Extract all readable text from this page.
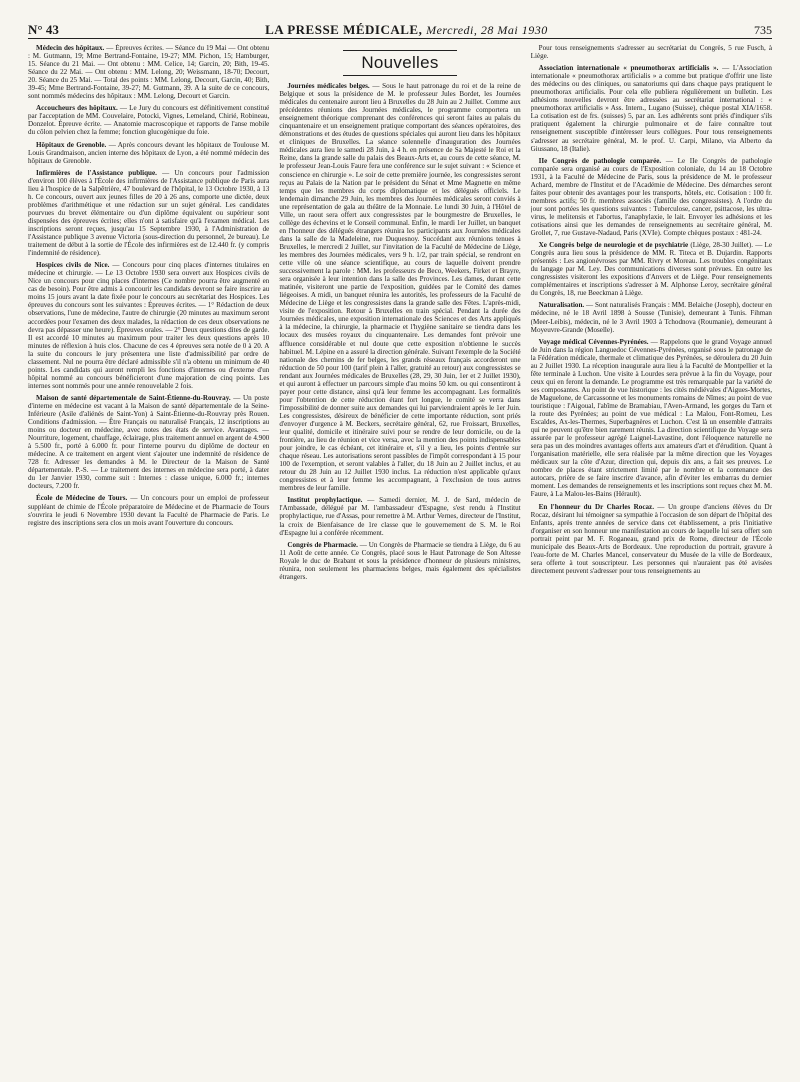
N° 43	LA PRESSE MÉDICALE, Mercredi, 28 Mai 1930	735

Médecin des hôpitaux. — Épreuves écrites. — Séance du 19 Mai — Ont obtenu : M. Gutmann, 19; Mme Bertrand-Fontaine, 19-27; MM. Pichon, 15; Hamburger, 15. Séance du 21 Mai. — Ont obtenu : MM. Celice, 14; Garcin, 20; Bith, 19-45. Séance du 22 Mai. — Ont obtenu : MM. Lelong, 20; Weissmann, 18-70; Decourt, 20. Séance du 25 Mai. — Total des points : MM. Lelong, Decourt, Garcin, 40; Bith, 39-45; Mme Bertrand-Fontaine, 39-27; M. Gutmann, 39. A la suite de ce concours, sont nommés médecins des hôpitaux : MM. Lelong, Decourt et Garcin.

Accoucheurs des hôpitaux. — Le Jury du concours est définitivement constitué par l'acceptation de MM. Couvelaire, Potocki, Vignes, Lemeland, Chirié, Robineau, Donzelot. Épreuve écrite. — Anatomie macroscopique et rapports de l'anse mobile du côlon pelvien chez la femme; fonction glucogénique du foie.

Hôpitaux de Grenoble. — Après concours devant les hôpitaux de Toulouse M. Louis Grandmaison, ancien interne des hôpitaux de Lyon, a été nommé médecin des hôpitaux de Grenoble.

Infirmières de l'Assistance publique. — Un concours pour l'admission d'environ 100 élèves à l'École des infirmières de l'Assistance publique de Paris aura lieu à l'hospice de la Salpêtrière, 47 boulevard de l'hôpital, le 13 Octobre 1930, à 13 h. Ce concours, ouvert aux jeunes filles de 20 à 26 ans, comporte une dictée, deux problèmes d'arithmétique et une rédaction sur un sujet général. Les candidates pourvues du brevet élémentaire ou d'un diplôme équivalent ou supérieur sont dispensées des épreuves écrites; elles n'ont à satisfaire qu'à l'examen médical. Les inscriptions seront reçues, jusqu'au 15 Septembre 1930, à l'Administration de l'Assistance publique 3 avenue Victoria (sous-direction du personnel, 2e bureau). Le traitement de début à la sortie de l'École des infirmières est de 12.440 fr. (y compris l'indemnité de résidence).

Hospices civils de Nice. — Concours pour cinq places d'internes titulaires en médecine et chirurgie. — Le 13 Octobre 1930 sera ouvert aux Hospices civils de Nice un concours pour cinq places d'internes (Ce nombre pourra être augmenté en cas de besoin). Pour être admis à concourir les candidats devront se faire inscrire au moins 15 jours avant la date fixée pour le concours au secrétariat des Hospices. Les épreuves du concours sont les suivantes : Épreuves écrites. — 1° Rédaction de deux observations, l'une de médecine, l'autre de chirurgie (20 minutes au maximum seront accordées pour l'examen des deux malades, la rédaction de ces deux observations ne devra pas dépasser une heure). Épreuves orales. — 2° Deux questions dites de garde. Il est accordé 10 minutes au maximum pour traiter les deux questions après 10 minutes de réflexion à huis clos. Chacune de ces 4 épreuves sera notée de 0 à 20. A la suite du concours le jury présentera une liste d'admissibilité par ordre de classement. Nul ne pourra être déclaré admissible s'il n'a obtenu un minimum de 40 points. Les candidats qui auront rempli les fonctions d'internes ou d'externe d'un hôpital nommé au concours bénéficieront d'une majoration de cinq points. Les internes sont nommés pour une année renouvelable 2 fois.

Maison de santé départementale de Saint-Étienne-du-Rouvray. — Un poste d'interne en médecine est vacant à la Maison de santé départementale de la Seine-Inférieure (Asile d'aliénés de Saint-Yon) à Saint-Étienne-du-Rouvray près Rouen. Conditions d'admission. — Être Français ou naturalisé Français, 12 inscriptions au moins ou docteur en médecine, avec notes des états de service. Avantages. — Nourriture, logement, chauffage, éclairage, plus traitement annuel en argent de 4.900 à 5.500 fr., porté à 6.000 fr. pour l'interne pourvu du diplôme de docteur en médecine. A ce traitement en argent vient s'ajouter une indemnité de résidence de 728 fr. Adresser les demandes à M. le Directeur de la Maison de Santé départementale. P.-S. — Le traitement des internes en médecine sera porté, à dater du 1er Janvier 1930, comme suit : Internes : classe unique, 6.000 fr.; internes docteurs, 7.200 fr.

École de Médecine de Tours. — Un concours pour un emploi de professeur suppléant de chimie de l'École préparatoire de Médecine et de Pharmacie de Tours s'ouvrira le jeudi 6 Novembre 1930 devant la Faculté de Pharmacie de Paris. Le registre des inscriptions sera clos un mois avant l'ouverture du concours.

Nouvelles

Journées médicales belges. — Sous le haut patronage du roi et de la reine de Belgique et sous la présidence de M. le professeur Jules Bordet, les Journées médicales du centenaire auront lieu à Bruxelles du 28 Juin au 2 Juillet. Comme aux précédentes réunions des Journées médicales, le programme comportera un enseignement théorique comprenant des conférences qui seront faites au palais du cinquantenaire et un enseignement pratique comportant des séances opératoires, des démonstrations et des études de questions spéciales qui auront lieu dans les hôpitaux et cliniques de Bruxelles. La séance solennelle d'inauguration des Journées médicales aura lieu le samedi 28 Juin, à 4 h. en présence de Sa Majesté le Roi et la Reine, dans la grande salle du palais des Beaux-Arts et, au cours de cette séance, M. le professeur Jean-Louis Faure fera une conférence sur le sujet suivant : « Science et conscience en chirurgie ». Le soir de cette première journée, les congressistes seront reçus au Palais de la Nation par le président du Sénat et Mme Magnette en même temps que les membres du corps diplomatique et les délégués officiels. Le lendemain dimanche 29 Juin, les membres des Journées médicales seront conviés à une représentation de gala au théâtre de la Monnaie. Le lundi 30 Juin, à l'Hôtel de Ville, un raout sera offert aux congressistes par le bourgmestre de Bruxelles, le collège des échevins et le Conseil communal. Enfin, le mardi 1er Juillet, un banquet en l'honneur des délégués étrangers réunira les participants aux Journées médicales dans la salle de la Madeleine, rue Duquesnoy. Succédant aux réunions tenues à Bruxelles, le mercredi 2 Juillet, sur l'invitation de la Faculté de Médecine de Liège, les membres des Journées médicales, vers 9 h. 1/2, par train spécial, se rendront en cette ville où une séance scientifique, au cours de laquelle doivent prendre successivement la parole : MM. les professeurs de Beco, Weekers, Firket et Brayre, sera organisée à leur intention dans la salle des Provinces. Les dames, durant cette matinée, visiteront une partie de l'exposition, guidées par le Comité des dames liégeoises. A midi, un banquet réunira les autorités, les professeurs de la Faculté de Médecine de Liège et les congressistes dans la grande salle des Fêtes. L'après-midi, visite de l'exposition. Retour à Bruxelles en train spécial. Pendant la durée des Journées médicales, une exposition internationale des Sciences et des Arts appliqués à la médecine, la chirurgie, la pharmacie et l'hygiène sanitaire se tiendra dans les locaux des musées royaux du cinquantenaire. Les demandes font prévoir une affluence considérable et nul doute que cette exposition n'obtienne le succès habituel. M. Lépine en a assuré la direction générale. Suivant l'exemple de la Société nationale des chemins de fer belges, les grands réseaux français accorderont une réduction de 50 pour 100 (tarif plein à l'aller, gratuité au retour) aux congressistes se rendant aux Journées médicales de Bruxelles (28, 29, 30 Juin, 1er et 2 Juillet 1930), et qui auront à effectuer un parcours simple d'au moins 50 km. ou qui consentiront à payer pour cette distance, ainsi qu'à leur femme les accompagnant. Les formalités pour l'obtention de cette réduction étant fort longue, le comité se verra dans l'impossibilité de donner suite aux demandes qui lui parviendraient après le 1er Juin. Les congressistes, désireux de bénéficier de cette importante réduction, sont priés d'envoyer d'urgence à M. Beckers, secrétaire général, 62, rue Froissart, Bruxelles, leur qualité, domicile et itinéraire suivi pour se rendre de leur domicile, ou de la frontière, au lieu de réunion et vice versa, avec la mention des points indispensables pour joindre, le cas échéant, cet itinéraire et, s'il y a lieu, les points d'entrée sur chaque réseau. Les autorisations seront passibles de l'impôt correspondant à 15 pour 100 de l'exemption, et seront valables à l'aller, du 18 Juin au 2 Juillet inclus, et au retour du 28 Juin au 12 Juillet 1930 inclus. La réduction n'est applicable qu'aux congressistes et à leur femme les accompagnant, à l'exclusion de tous autres membres de leur famille.

Institut prophylactique. — Samedi dernier, M. J. de Sard, médecin de l'Ambassade, délégué par M. l'ambassadeur d'Espagne, s'est rendu à l'Institut prophylactique, rue d'Assas, pour remettre à M. Arthur Vernes, directeur de l'Institut, la croix de Bienfaisance de 1re classe que le gouvernement de S. M. le Roi d'Espagne lui a conférée récemment.

Congrès de Pharmacie. — Un Congrès de Pharmacie se tiendra à Liège, du 6 au 11 Août de cette année. Ce Congrès, placé sous le Haut Patronage de Son Altesse Royale le duc de Brabant et sous la présidence d'honneur de plusieurs ministres, réunira, non seulement les pharmaciens belges, mais également des spécialistes étrangers.

Pour tous renseignements s'adresser au secrétariat du Congrès, 5 rue Fusch, à Liège.

Association internationale « pneumothorax artificialis ». — L'Association internationale « pneumothorax artificialis » a comme but pratique d'offrir une liste des médecins ou des cliniques, ou sanatoriums qui dans chaque pays pratiquent le pneumothorax artificialis. Pour cela elle publiera régulièrement un bulletin. Les adhésions nouvelles devront être adressées au secrétariat international : « pneumothorax artificialis » Ass. Intern., Lugano (Suisse), chèque postal XIA/1658. La cotisation est de frs. (suisses) 5, par an. Les adhérents sont priés d'indiquer s'ils pratiquent également la chirurgie pulmonaire et de faire connaître tout renseignement susceptible d'intéresser leurs collègues. Pour tous renseignements s'adresser au secrétaire général, M. le prof. U. Carpi, Milano, via Alberto da Giussano, 18 (Italie).

IIe Congrès de pathologie comparée. — Le IIe Congrès de pathologie comparée sera organisé au cours de l'Exposition coloniale, du 14 au 18 Octobre 1931, à la Faculté de Médecine de Paris, sous la présidence de M. le professeur Achard, membre de l'Institut et de l'Académie de Médecine. Des démarches seront faites pour obtenir des avantages pour les transports, hôtels, etc. Cotisation : 100 fr. membres actifs; 50 fr. membres associés (famille des congressistes). A l'ordre du jour sont portées les questions suivantes : Tuberculose, cancer, psittacose, les ultra-virus, le melitensis et l'abortus, l'anaphylaxie, le lait. Envoyer les adhésions et les cotisations ainsi que les demandes de renseignements au secrétaire général, M. Grollet, 7, rue Gustave-Nadaud, Paris (XVIe). Compte chèques postaux : 481-24.

Xe Congrès belge de neurologie et de psychiatrie (Liège, 28-30 Juillet). — Le Congrès aura lieu sous la présidence de MM. R. Titeca et B. Dujardin. Rapports présentés : Les angionévroses par MM. Rivry et Moreau. Les troubles congénitaux du langage par M. Ley. Des communications diverses sont prévues. En outre les congressistes visiteront les expositions d'Anvers et de Liège. Pour renseignements complémentaires et inscriptions s'adresser à M. Alphonse Leroy, secrétaire général du Congrès, 18, rue Beeckman à Liège.

Naturalisation. — Sont naturalisés Français : MM. Belaiche (Joseph), docteur en médecine, né le 18 Avril 1898 à Sousse (Tunisie), demeurant à Tunis. Fihman (Meer-Leibis), médecin, né le 3 Avril 1903 à Tchodnova (Roumanie), demeurant à Moyeuvre-Grande (Moselle).

Voyage médical Cévennes-Pyrénées. — Rappelons que le grand Voyage annuel de Juin dans la région Languedoc Cévennes-Pyrénées, organisé sous le patronage de la Fédération médicale, thermale et climatique des Pyrénées, se déroulera du 20 Juin au 2 Juillet 1930. La réception inaugurale aura lieu à la Faculté de Montpellier et la fête terminale à Luchon. Une visite à Lourdes sera prévue à la fin du Voyage, pour ceux qui en feront la demande. Le programme est très remarquable par la variété de ses composantes. Au point de vue historique : les cités médiévales d'Aigues-Mortes, de Maguelone, de Carcassonne et les monuments romains de Nîmes; au point de vue touristique : l'Aigoual, l'abîme de Bramabiau, l'Aven-Armand, les gorges du Tarn et la route des Pyrénées; au point de vue médical : La Malou, Font-Romeu, Les Escaldes, Ax-les-Thermes, Superbagnères et Luchon. C'est là un ensemble d'attraits qui ne peuvent qu'être bien rarement réunis. La direction scientifique du Voyage sera assurée par le professeur agrégé Laignel-Lavastine, dont l'éloquence naturelle ne sera pas un des moindres avantages offerts aux amateurs d'art et d'érudition. Quant à l'organisation matérielle, elle sera réalisée par la même direction que les Voyages médicaux sur la côte d'Azur, direction qui, depuis dix ans, a fait ses preuves. Le nombre de places étant strictement limité par le nombre et la contenance des autocars, prière de se faire inscrire d'avance, afin d'éviter les embarras du dernier moment. Les demandes de renseignements et les inscriptions sont reçues chez M. M. Faure, à La Malou-les-Bains (Hérault).

En l'honneur du Dr Charles Rocaz. — Un groupe d'anciens élèves du Dr Rocaz, désirant lui témoigner sa sympathie à l'occasion de son départ de l'hôpital des Enfants, après trente années de service dans cet établissement, a pris l'initiative d'organiser en son honneur une manifestation au cours de laquelle lui sera offert son portrait peint par M. F. Roganeau, grand prix de Rome, directeur de l'École municipale des Beaux-Arts de Bordeaux. Une reproduction du portrait, gravure à l'eau-forte de M. Charles Mancel, conservateur du Musée de la ville de Bordeaux, sera offerte à tout souscripteur. Les personnes qui n'auraient pas été avisées directement peuvent s'adresser pour tous renseignements au
